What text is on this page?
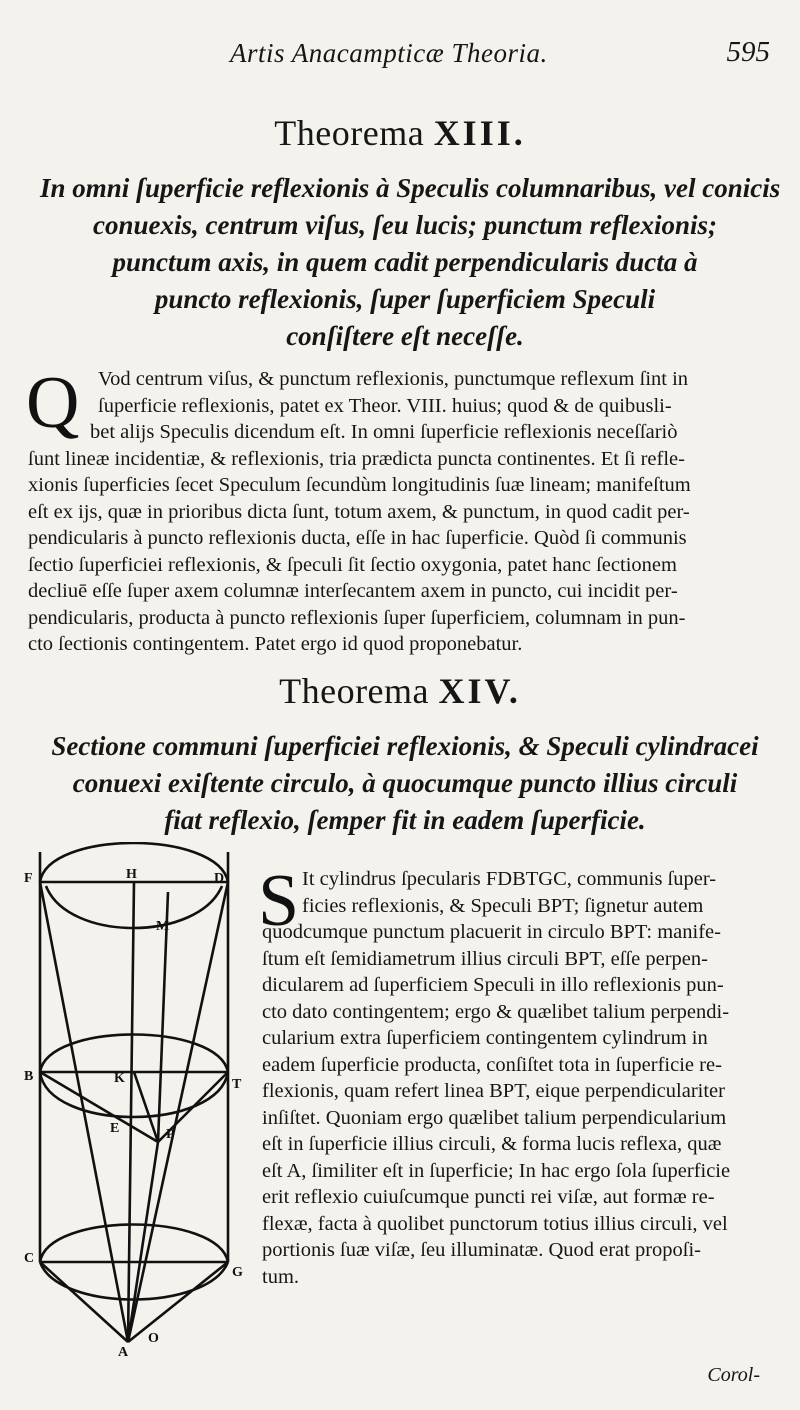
Artis Anacampticæ Theoria.	595
Theorema XIII.
In omni ſuperficie reflexionis à Speculis columnaribus, vel conicis
conuexis, centrum viſus, ſeu lucis; punctum reflexionis;
punctum axis, in quem cadit perpendicularis ducta à
puncto reflexionis, ſuper ſuperficiem Speculi
conſiſtere eſt neceſſe.
Q Vod centrum viſus, & punctum reflexionis, punctumque reflexum ſint in
ſuperficie reflexionis, patet ex Theor. VIII. huius; quod & de quibusli-
bet alijs Speculis dicendum eſt. In omni ſuperficie reflexionis neceſſariò
ſunt lineæ incidentiæ, & reflexionis, tria prædicta puncta continentes. Et ſi refle-
xionis ſuperficies ſecet Speculum ſecundùm longitudinis ſuæ lineam; manifeſtum
eſt ex ijs, quæ in prioribus dicta ſunt, totum axem, & punctum, in quod cadit per-
pendicularis à puncto reflexionis ducta, eſſe in hac ſuperficie. Quòd ſi communis
ſectio ſuperficiei reflexionis, & ſpeculi ſit ſectio oxygonia, patet hanc ſectionem
decliuē eſſe ſuper axem columnæ interſecantem axem in puncto, cui incidit per-
pendicularis, producta à puncto reflexionis ſuper ſuperficiem, columnam in pun-
cto ſectionis contingentem. Patet ergo id quod proponebatur.
Theorema XIV.
Sectione communi ſuperficiei reflexionis, & Speculi cylindracei
conuexi exiſtente circulo, à quocumque puncto illius circuli
fiat reflexio, ſemper fit in eadem ſuperficie.
S It cylindrus ſpecularis FDBTGC, communis ſuper-
ficies reflexionis, & Speculi BPT; ſignetur autem
quodcumque punctum placuerit in circulo BPT: manife-
ſtum eſt ſemidiametrum illius circuli BPT, eſſe perpen-
dicularem ad ſuperficiem Speculi in illo reflexionis pun-
cto dato contingentem; ergo & quælibet talium perpendi-
cularium extra ſuperficiem contingentem cylindrum in
eadem ſuperficie producta, conſiſtet tota in ſuperficie re-
flexionis, quam refert linea BPT, eique perpendiculariter
inſiſtet. Quoniam ergo quælibet talium perpendicularium
eſt in ſuperficie illius circuli, & forma lucis reflexa, quæ
eſt A, ſimiliter eſt in ſuperficie; In hac ergo ſola ſuperficie
erit reflexio cuiuſcumque puncti rei viſæ, aut formæ re-
flexæ, facta à quolibet punctorum totius illius circuli, vel
portionis ſuæ viſæ, ſeu illuminatæ. Quod erat propoſi-
tum.
F	H	D
M
K
B
T
P
E
C
G
A
O
Corol-
